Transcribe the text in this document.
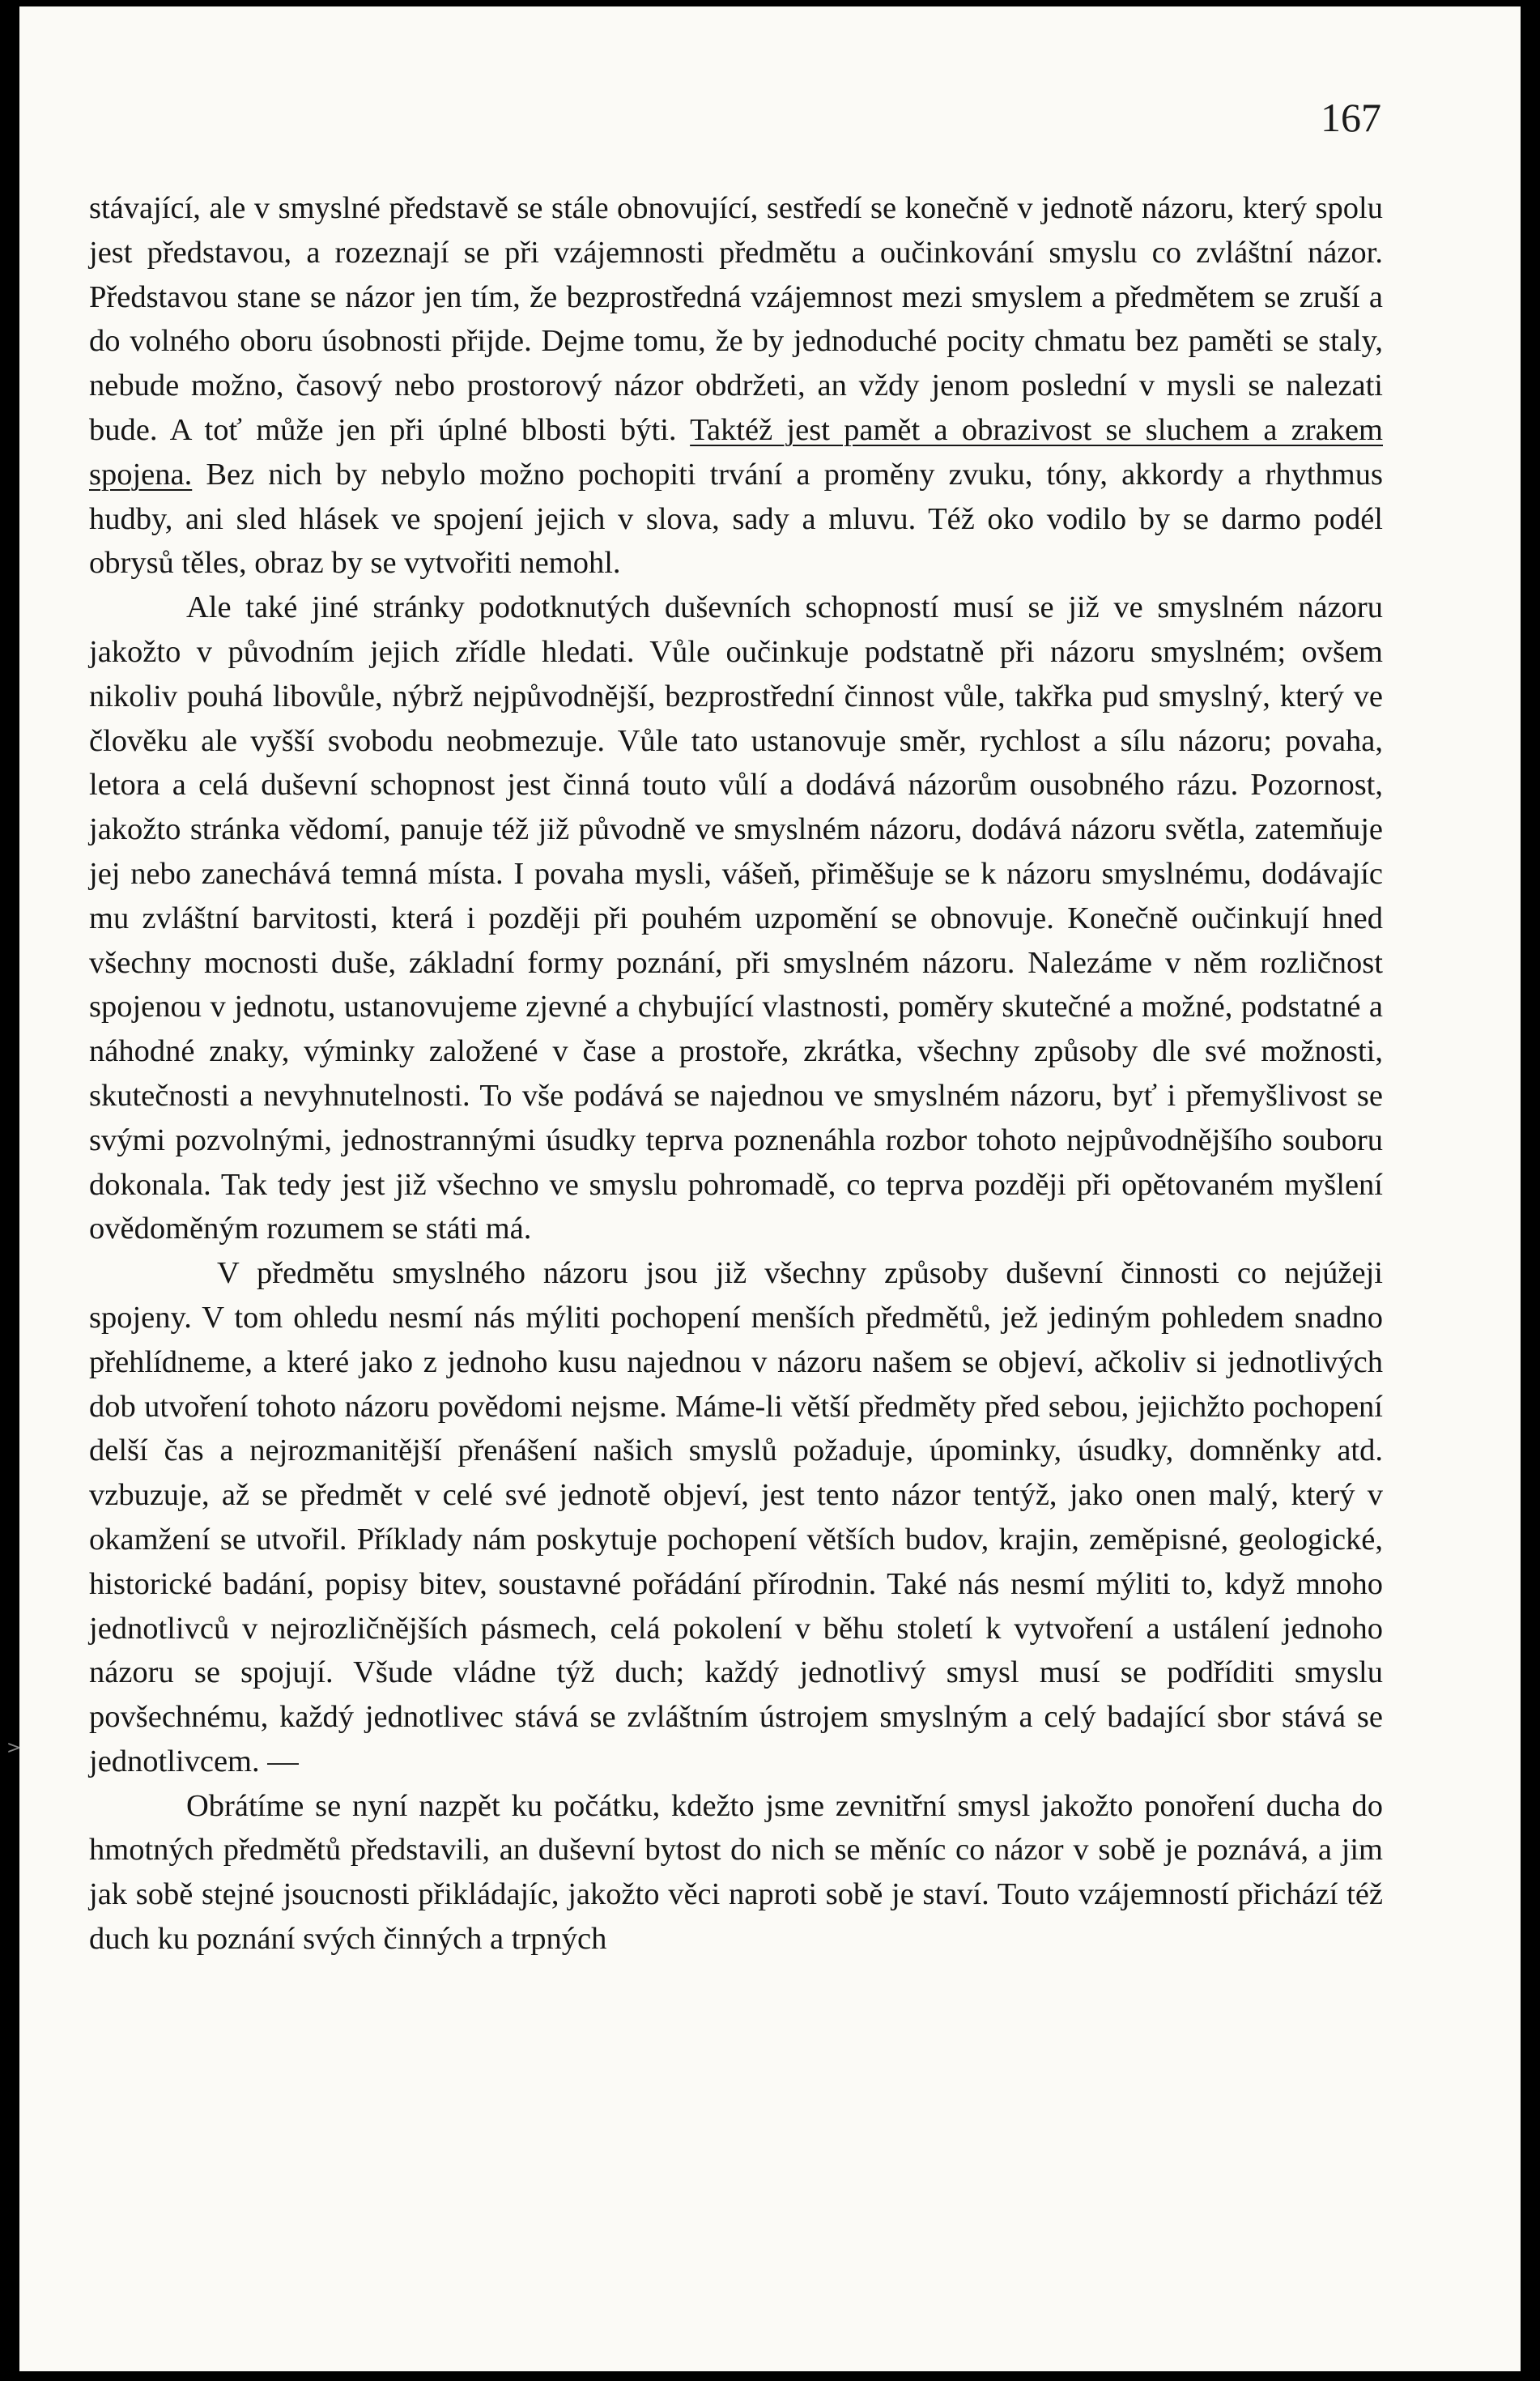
167

stávající, ale v smyslné představě se stále obnovující, sestředí se konečně v jednotě názoru, který spolu jest představou, a rozeznají se při vzájemnosti předmětu a oučinkování smyslu co zvláštní názor. Představou stane se názor jen tím, že bezprostředná vzájemnost mezi smyslem a předmětem se zruší a do volného oboru úsobnosti přijde. Dejme tomu, že by jednoduché pocity chmatu bez paměti se staly, nebude možno, časový nebo prostorový názor obdržeti, an vždy jenom poslední v mysli se nalezati bude. A toť může jen při úplné blbosti býti. Taktéž jest pamět a obrazivost se sluchem a zrakem spojena. Bez nich by nebylo možno pochopiti trvání a proměny zvuku, tóny, akkordy a rhythmus hudby, ani sled hlásek ve spojení jejich v slova, sady a mluvu. Též oko vodilo by se darmo podél obrysů těles, obraz by se vytvořiti nemohl.

Ale také jiné stránky podotknutých duševních schopností musí se již ve smyslném názoru jakožto v původním jejich zřídle hledati. Vůle oučinkuje podstatně při názoru smyslném; ovšem nikoliv pouhá libovůle, nýbrž nejpůvodnější, bezprostřední činnost vůle, takřka pud smyslný, který ve člověku ale vyšší svobodu neobmezuje. Vůle tato ustanovuje směr, rychlost a sílu názoru; povaha, letora a celá duševní schopnost jest činná touto vůlí a dodává názorům ousobného rázu. Pozornost, jakožto stránka vědomí, panuje též již původně ve smyslném názoru, dodává názoru světla, zatemňuje jej nebo zanechává temná místa. I povaha mysli, vášeň, přiměšuje se k názoru smyslnému, dodávajíc mu zvláštní barvitosti, která i později při pouhém uzpomění se obnovuje. Konečně oučinkují hned všechny mocnosti duše, základní formy poznání, při smyslném názoru. Nalezáme v něm rozličnost spojenou v jednotu, ustanovujeme zjevné a chybující vlastnosti, poměry skutečné a možné, podstatné a náhodné znaky, výminky založené v čase a prostoře, zkrátka, všechny způsoby dle své možnosti, skutečnosti a nevyhnutelnosti. To vše podává se najednou ve smyslném názoru, byť i přemyšlivost se svými pozvolnými, jednostrannými úsudky teprva poznenáhla rozbor tohoto nejpůvodnějšího souboru dokonala. Tak tedy jest již všechno ve smyslu pohromadě, co teprva později při opětovaném myšlení ovědoměným rozumem se státi má.

V předmětu smyslného názoru jsou již všechny způsoby duševní činnosti co nejúžeji spojeny. V tom ohledu nesmí nás mýliti pochopení menších předmětů, jež jediným pohledem snadno přehlídneme, a které jako z jednoho kusu najednou v názoru našem se objeví, ačkoliv si jednotlivých dob utvoření tohoto názoru povědomi nejsme. Máme-li větší předměty před sebou, jejichžto pochopení delší čas a nejrozmanitější přenášení našich smyslů požaduje, úpominky, úsudky, domněnky atd. vzbuzuje, až se předmět v celé své jednotě objeví, jest tento názor tentýž, jako onen malý, který v okamžení se utvořil. Příklady nám poskytuje pochopení větších budov, krajin, zeměpisné, geologické, historické badání, popisy bitev, soustavné pořádání přírodnin. Také nás nesmí mýliti to, když mnoho jednotlivců v nejrozličnějších pásmech, celá pokolení v běhu století k vytvoření a ustálení jednoho názoru se spojují. Všude vládne týž duch; každý jednotlivý smysl musí se podříditi smyslu povšechnému, každý jednotlivec stává se zvláštním ústrojem smyslným a celý badající sbor stává se jednotlivcem. —

Obrátíme se nyní nazpět ku počátku, kdežto jsme zevnitřní smysl jakožto ponoření ducha do hmotných předmětů představili, an duševní bytost do nich se měníc co názor v sobě je poznává, a jim jak sobě stejné jsoucnosti přikládajíc, jakožto věci naproti sobě je staví. Touto vzájemností přichází též duch ku poznání svých činných a trpných

>
